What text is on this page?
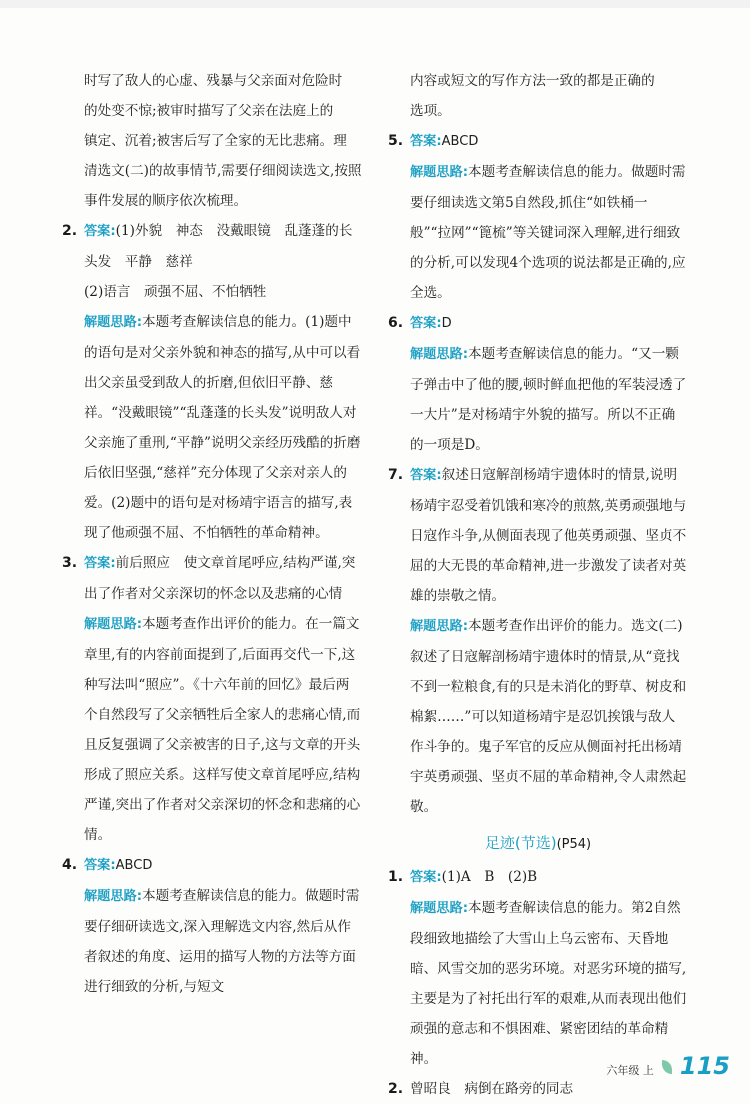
时写了敌人的心虚、残暴与父亲面对危险时

的处变不惊;被审时描写了父亲在法庭上的

镇定、沉着;被害后写了全家的无比悲痛。理

清选文(二)的故事情节,需要仔细阅读选文,按照事件发展的顺序依次梳理。

2. 答案:(1)外貌　神态　没戴眼镜　乱蓬蓬的长头发　平静　慈祥

(2)语言　顽强不屈、不怕牺牲

解题思路:本题考查解读信息的能力。(1)题中的语句是对父亲外貌和神态的描写,从中可以看出父亲虽受到敌人的折磨,但依旧平静、慈祥。“没戴眼镜”“乱蓬蓬的长头发”说明敌人对父亲施了重刑,“平静”说明父亲经历残酷的折磨后依旧坚强,“慈祥”充分体现了父亲对亲人的爱。(2)题中的语句是对杨靖宇语言的描写,表现了他顽强不屈、不怕牺牲的革命精神。

3. 答案:前后照应　使文章首尾呼应,结构严谨,突出了作者对父亲深切的怀念以及悲痛的心情

解题思路:本题考查作出评价的能力。在一篇文章里,有的内容前面提到了,后面再交代一下,这种写法叫“照应”。《十六年前的回忆》最后两个自然段写了父亲牺牲后全家人的悲痛心情,而且反复强调了父亲被害的日子,这与文章的开头形成了照应关系。这样写使文章首尾呼应,结构严谨,突出了作者对父亲深切的怀念和悲痛的心情。

4. 答案:ABCD

解题思路:本题考查解读信息的能力。做题时需要仔细研读选文,深入理解选文内容,然后从作者叙述的角度、运用的描写人物的方法等方面进行细致的分析,与短文

内容或短文的写作方法一致的都是正确的

选项。

5. 答案:ABCD

解题思路:本题考查解读信息的能力。做题时需要仔细读选文第5自然段,抓住“如铁桶一般”“拉网”“篦梳”等关键词深入理解,进行细致的分析,可以发现4个选项的说法都是正确的,应全选。

6. 答案:D

解题思路:本题考查解读信息的能力。“又一颗子弹击中了他的腰,顿时鲜血把他的军装浸透了一大片”是对杨靖宇外貌的描写。所以不正确的一项是D。

7. 答案:叙述日寇解剖杨靖宇遗体时的情景,说明杨靖宇忍受着饥饿和寒冷的煎熬,英勇顽强地与日寇作斗争,从侧面表现了他英勇顽强、坚贞不屈的大无畏的革命精神,进一步激发了读者对英雄的崇敬之情。

解题思路:本题考查作出评价的能力。选文(二)叙述了日寇解剖杨靖宇遗体时的情景,从“竟找不到一粒粮食,有的只是未消化的野草、树皮和棉絮……”可以知道杨靖宇是忍饥挨饿与敌人作斗争的。鬼子军官的反应从侧面衬托出杨靖宇英勇顽强、坚贞不屈的革命精神,令人肃然起敬。

足迹(节选)(P54)
1. 答案:(1)A　B　(2)B

解题思路:本题考查解读信息的能力。第2自然段细致地描绘了大雪山上乌云密布、天昏地暗、风雪交加的恶劣环境。对恶劣环境的描写,主要是为了衬托出行军的艰难,从而表现出他们顽强的意志和不惧困难、紧密团结的革命精神。

2. 曾昭良　病倒在路旁的同志

六年级 上 115
